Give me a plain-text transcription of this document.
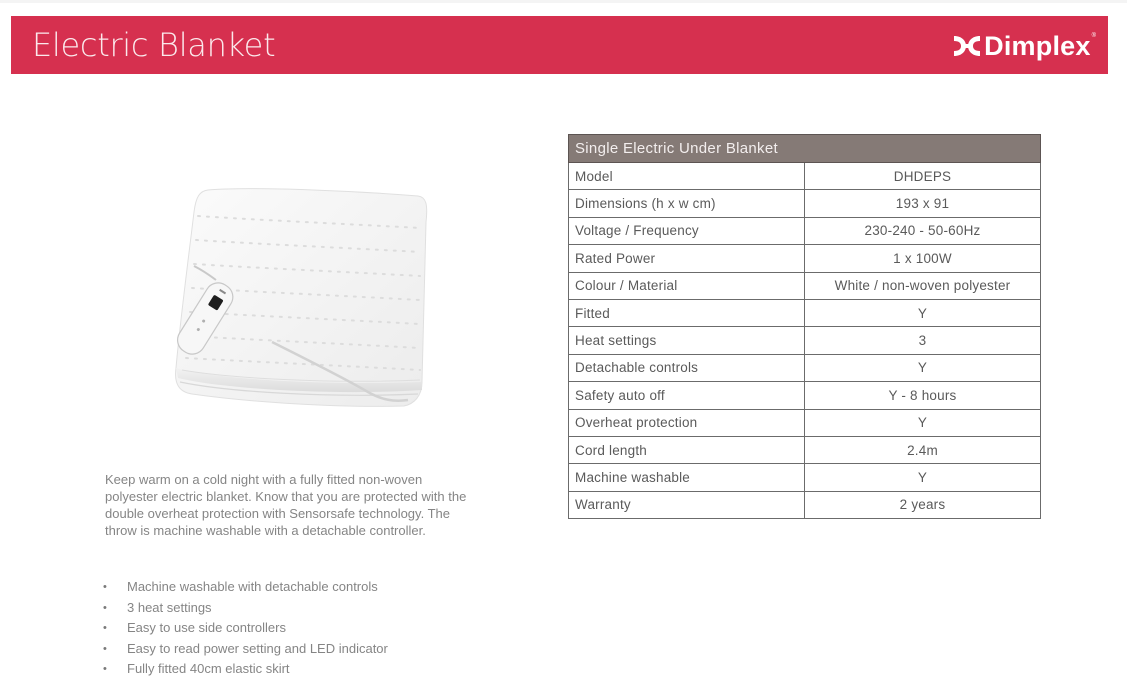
Electric Blanket	Dimplex ®

Keep warm on a cold night with a fully fitted non-woven polyester electric blanket. Know that you are protected with the double overheat protection with Sensorsafe technology. The throw is machine washable with a detachable controller.

• Machine washable with detachable controls
• 3 heat settings
• Easy to use side controllers
• Easy to read power setting and LED indicator
• Fully fitted 40cm elastic skirt
Single Electric Under Blanket	
Model	DHDEPS
Dimensions (h x w cm)	193 x 91
Voltage / Frequency	230-240 - 50-60Hz
Rated Power	1 x 100W
Colour / Material	White / non-woven polyester
Fitted	Y
Heat settings	3
Detachable controls	Y
Safety auto off	Y - 8 hours
Overheat protection	Y
Cord length	2.4m
Machine washable	Y
Warranty	2 years
